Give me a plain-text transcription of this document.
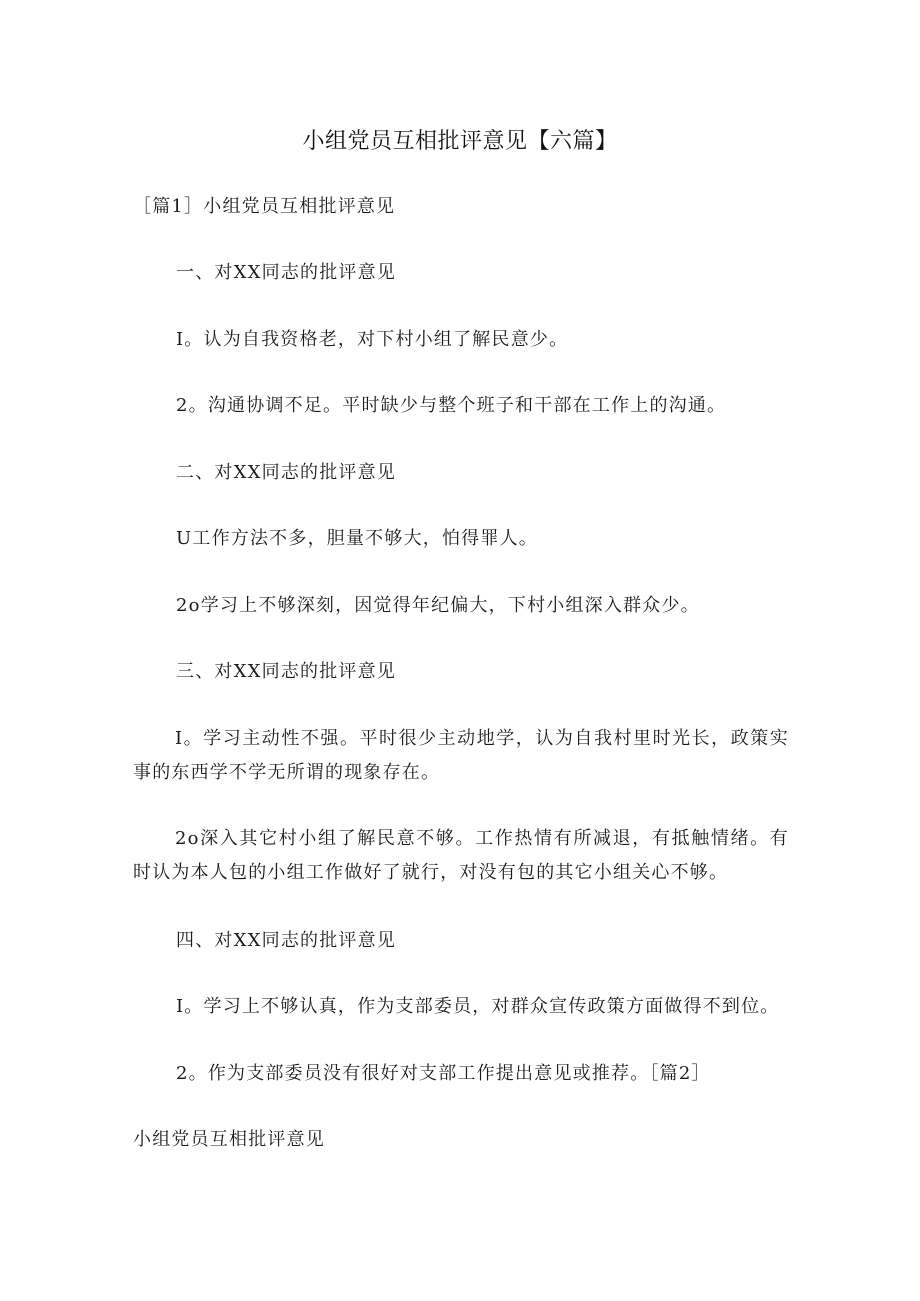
小组党员互相批评意见【六篇】

［篇1］小组党员互相批评意见

一、对XX同志的批评意见

I。认为自我资格老，对下村小组了解民意少。

2。沟通协调不足。平时缺少与整个班子和干部在工作上的沟通。

二、对XX同志的批评意见

U工作方法不多，胆量不够大，怕得罪人。

2o学习上不够深刻，因觉得年纪偏大，下村小组深入群众少。

三、对XX同志的批评意见

I。学习主动性不强。平时很少主动地学，认为自我村里时光长，政策实事的东西学不学无所谓的现象存在。

2o深入其它村小组了解民意不够。工作热情有所减退，有抵触情绪。有时认为本人包的小组工作做好了就行，对没有包的其它小组关心不够。

四、对XX同志的批评意见

I。学习上不够认真，作为支部委员，对群众宣传政策方面做得不到位。

2。作为支部委员没有很好对支部工作提出意见或推荐。［篇2］

小组党员互相批评意见
